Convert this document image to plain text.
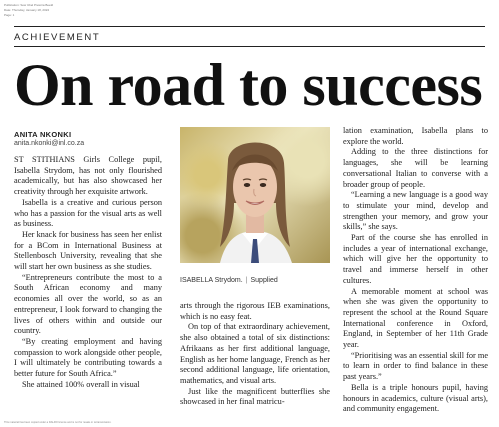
Publication: Sow Ubel Pretoria Beeld
Date: Thursday, January 18, 2024
Page: 1
ACHIEVEMENT
On road to success
ANITA NKONKI
anita.nkonki@inl.co.za

ST STITHIANS Girls College pupil, Isabella Strydom, has not only flourished academically, but has also showcased her creativity through her exquisite artwork.

Isabella is a creative and curious person who has a passion for the visual arts as well as business.

Her knack for business has seen her enlist for a BCom in International Business at Stellenbosch University, revealing that she will start her own business as she studies.

“Entrepreneurs contribute the most to a South African economy and many economies all over the world, so as an entrepreneur, I look forward to changing the lives of others within and outside our country.

“By creating employment and having compassion to work alongside other people, I will ultimately be contributing towards a better future for South Africa.”

She attained 100% overall in visual

ISABELLA Strydom. | Supplied

arts through the rigorous IEB examinations, which is no easy feat.

On top of that extraordinary achievement, she also obtained a total of six distinctions: Afrikaans as her first additional language, English as her home language, French as her second additional language, life orientation, mathematics, and visual arts.

Just like the magnificent butterflies she showcased in her final matricu-

lation examination, Isabella plans to explore the world.

Adding to the three distinctions for languages, she will be learning conversational Italian to converse with a broader group of people.

“Learning a new language is a good way to stimulate your mind, develop and strengthen your memory, and grow your skills,” she says.

Part of the course she has enrolled in includes a year of international exchange, which will give her the opportunity to travel and immerse herself in other cultures.

A memorable moment at school was when she was given the opportunity to represent the school at the Round Square International conference in Oxford, England, in September of her 11th Grade year.

“Prioritising was an essential skill for me to learn in order to find balance in these past years.”

Bella is a triple honours pupil, having honours in academics, culture (visual arts), and community engagement.

This material has been copied under a DALRO licence and is not for resale or retransmission.
